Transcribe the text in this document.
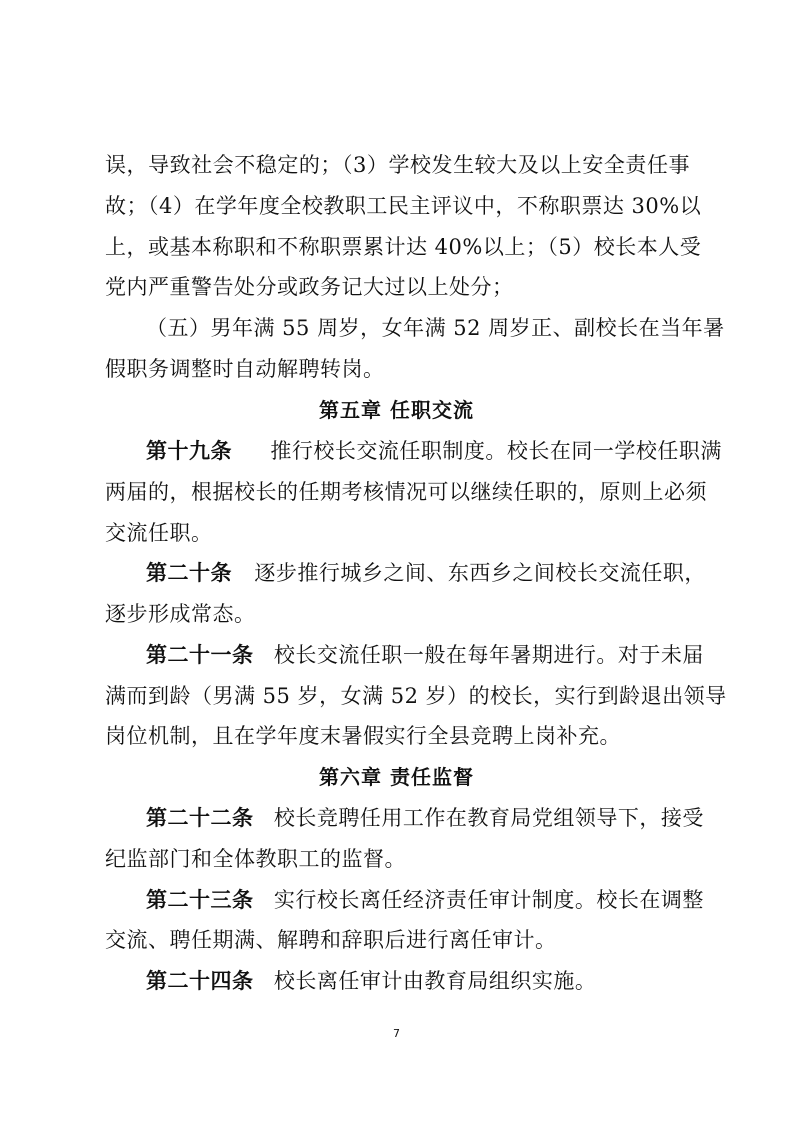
误，导致社会不稳定的；（3）学校发生较大及以上安全责任事
故；（4）在学年度全校教职工民主评议中，不称职票达 30%以
上，或基本称职和不称职票累计达 40%以上；（5）校长本人受
党内严重警告处分或政务记大过以上处分；
（五）男年满 55 周岁，女年满 52 周岁正、副校长在当年暑
假职务调整时自动解聘转岗。
第五章 任职交流
第十九条 推行校长交流任职制度。校长在同一学校任职满
两届的，根据校长的任期考核情况可以继续任职的，原则上必须
交流任职。
第二十条 逐步推行城乡之间、东西乡之间校长交流任职，
逐步形成常态。
第二十一条 校长交流任职一般在每年暑期进行。对于未届
满而到龄（男满 55 岁，女满 52 岁）的校长，实行到龄退出领导
岗位机制，且在学年度末暑假实行全县竞聘上岗补充。
第六章 责任监督
第二十二条 校长竞聘任用工作在教育局党组领导下，接受
纪监部门和全体教职工的监督。
第二十三条 实行校长离任经济责任审计制度。校长在调整
交流、聘任期满、解聘和辞职后进行离任审计。
第二十四条 校长离任审计由教育局组织实施。
7
